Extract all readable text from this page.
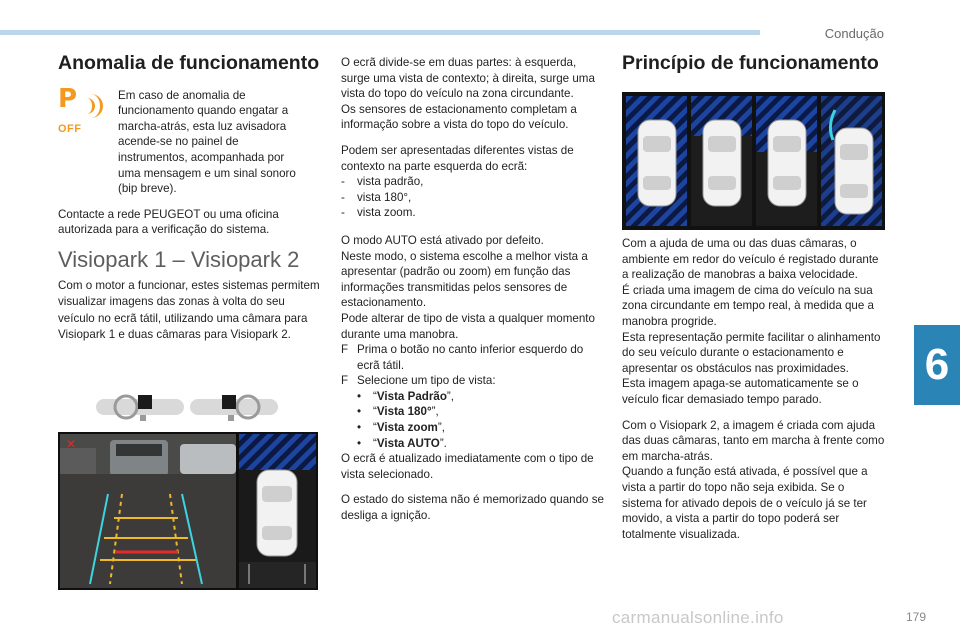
Condução
6
carmanualsonline.info	179
Anomalia de funcionamento
P
OFF

Em caso de anomalia de funcionamento quando engatar a marcha-atrás, esta luz avisadora acende-se no painel de instrumentos, acompanhada por uma mensagem e um sinal sonoro (bip breve).

Contacte a rede PEUGEOT ou uma oficina autorizada para a verificação do sistema.

Visiopark 1 – Visiopark 2

Com o motor a funcionar, estes sistemas permitem visualizar imagens das zonas à volta do seu veículo no ecrã tátil, utilizando uma câmara para Visiopark 1 e duas câmaras para Visiopark 2.

✕

O ecrã divide-se em duas partes: à esquerda, surge uma vista de contexto; à direita, surge uma vista do topo do veículo na zona circundante.

Os sensores de estacionamento completam a informação sobre a vista do topo do veículo.

Podem ser apresentadas diferentes vistas de contexto na parte esquerda do ecrã:

-	vista padrão,
-	vista 180°,
-	vista zoom.

O modo AUTO está ativado por defeito.

Neste modo, o sistema escolhe a melhor vista a apresentar (padrão ou zoom) em função das informações transmitidas pelos sensores de estacionamento.

Pode alterar de tipo de vista a qualquer momento durante uma manobra.

F Prima o botão no canto inferior esquerdo do ecrã tátil.
F Selecione um tipo de vista:
•	“Vista Padrão”,
•	“Vista 180°”,
•	“Vista zoom”,
•	“Vista AUTO”.

O ecrã é atualizado imediatamente com o tipo de vista selecionado.

O estado do sistema não é memorizado quando se desliga a ignição.

Princípio de funcionamento

Com a ajuda de uma ou das duas câmaras, o ambiente em redor do veículo é registado durante a realização de manobras a baixa velocidade.

É criada uma imagem de cima do veículo na sua zona circundante em tempo real, à medida que a manobra progride.

Esta representação permite facilitar o alinhamento do seu veículo durante o estacionamento e apresentar os obstáculos nas proximidades.

Esta imagem apaga-se automaticamente se o veículo ficar demasiado tempo parado.

Com o Visiopark 2, a imagem é criada com ajuda das duas câmaras, tanto em marcha à frente como em marcha-atrás.

Quando a função está ativada, é possível que a vista a partir do topo não seja exibida. Se o sistema for ativado depois de o veículo já se ter movido, a vista a partir do topo poderá ser totalmente visualizada.
